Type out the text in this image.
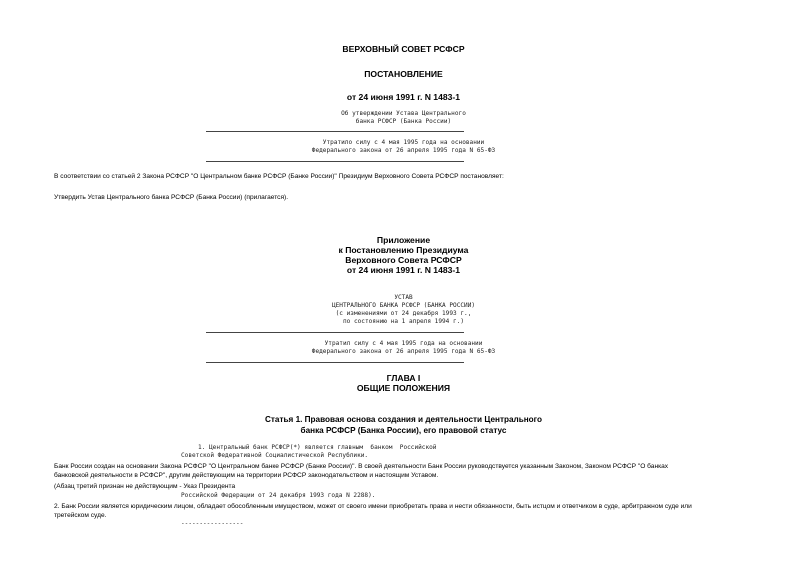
ВЕРХОВНЫЙ СОВЕТ РСФСР
ПОСТАНОВЛЕНИЕ
от 24 июня 1991 г. N 1483-1
Об утверждении Устава Центрального
банка РСФСР (Банка России)
Утратило силу с 4 мая 1995 года на основании
Федерального закона от 26 апреля 1995 года N 65-ФЗ
В соответствии со статьей 2 Закона РСФСР "О Центральном банке РСФСР (Банке России)" Президиум Верховного Совета РСФСР постановляет:
Утвердить Устав Центрального банка РСФСР (Банка России) (прилагается).
Приложение
к Постановлению Президиума
Верховного Совета РСФСР
от 24 июня 1991 г. N 1483-1
УСТАВ
ЦЕНТРАЛЬНОГО БАНКА РСФСР (БАНКА РОССИИ)
(с изменениями от 24 декабря 1993 г.,
по состоянию на 1 апреля 1994 г.)
Утратил силу с 4 мая 1995 года на основании
Федерального закона от 26 апреля 1995 года N 65-ФЗ
ГЛАВА I
ОБЩИЕ ПОЛОЖЕНИЯ
Статья 1. Правовая основа создания и деятельности Центрального
банка РСФСР (Банка России), его правовой статус
1. Центральный банк РСФСР(*) является главным  банком  Российской
Советской Федеративной Социалистической Республики.
Банк России создан на основании Закона РСФСР "О Центральном банке РСФСР (Банке России)". В своей деятельности Банк России руководствуется указанным Законом, Законом РСФСР "О банках
банковской деятельности в РСФСР", другим действующим на территории РСФСР законодательством и настоящим Уставом.
(Абзац третий признан не действующим - Указ Президента
Российской Федерации от 24 декабря 1993 года N 2288).
2. Банк России является юридическим лицом, обладает обособленным имуществом, может от своего имени приобретать права и нести обязанности, быть истцом и ответчиком в суде, арбитражном суде или
третейском суде.
-----------------
